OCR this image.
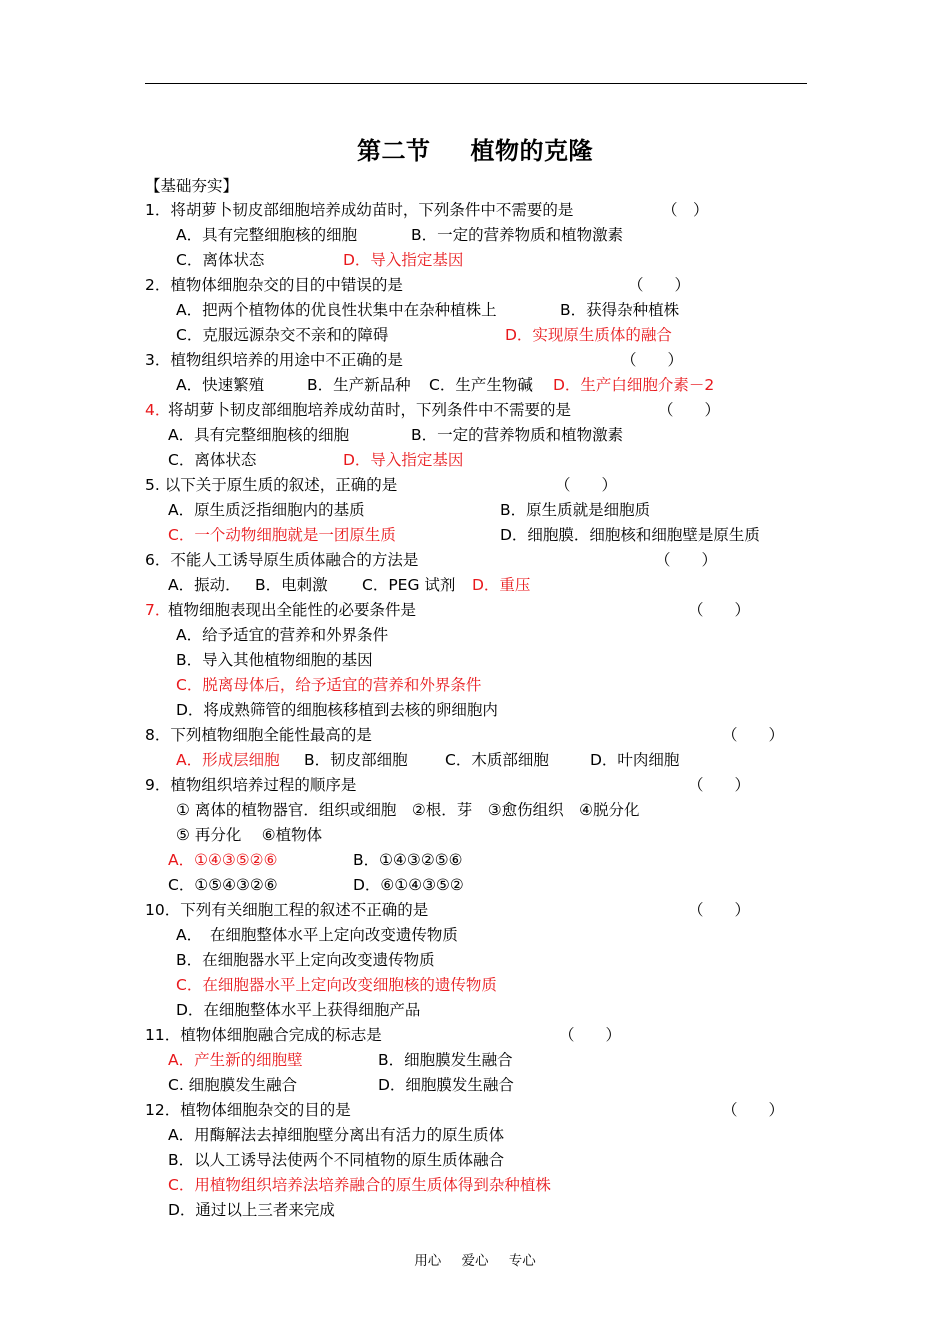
第二节 植物的克隆
【基础夯实】
1．将胡萝卜韧皮部细胞培养成幼苗时，下列条件中不需要的是	（　）
A．具有完整细胞核的细胞	B．一定的营养物质和植物激素
C．离体状态	D．导入指定基因
2．植物体细胞杂交的目的中错误的是	（　　）
A．把两个植物体的优良性状集中在杂种植株上	B．获得杂种植株
C．克服远源杂交不亲和的障碍	D．实现原生质体的融合
3．植物组织培养的用途中不正确的是	（　　）
A．快速繁殖	B．生产新品种 C．生产生物碱 D．生产白细胞介素－2
4．
将胡萝卜韧皮部细胞培养成幼苗时，下列条件中不需要的是	（　　）
A．具有完整细胞核的细胞	B．一定的营养物质和植物激素
C．离体状态	D．导入指定基因
5. 以下关于原生质的叙述，正确的是	（　　）
A．原生质泛指细胞内的基质	B．原生质就是细胞质
C．一个动物细胞就是一团原生质	D．细胞膜．细胞核和细胞壁是原生质
6．不能人工诱导原生质体融合的方法是	（　　）
A．振动． B．电刺激 C．PEG 试剂 D．重压
7．
植物细胞表现出全能性的必要条件是	（　　）
A．给予适宜的营养和外界条件
B．导入其他植物细胞的基因
C．脱离母体后，给予适宜的营养和外界条件
D．将成熟筛管的细胞核移植到去核的卵细胞内
8．下列植物细胞全能性最高的是	（　　）
A．形成层细胞 B．韧皮部细胞 C．木质部细胞	D．叶肉细胞
9．植物组织培养过程的顺序是	（　　）
① 离体的植物器官．组织或细胞　②根．芽　③愈伤组织　④脱分化
⑤ 再分化　 ⑥植物体
A．①④③⑤②⑥	B．①④③②⑤⑥
C．①⑤④③②⑥	D．⑥①④③⑤②
10．下列有关细胞工程的叙述不正确的是	（　　）
A．　在细胞整体水平上定向改变遗传物质
B．在细胞器水平上定向改变遗传物质
C．在细胞器水平上定向改变细胞核的遗传物质
D．在细胞整体水平上获得细胞产品
11．植物体细胞融合完成的标志是	（　　）
A．产生新的细胞壁	B．细胞膜发生融合
C. 细胞膜发生融合	D．细胞膜发生融合
12．植物体细胞杂交的目的是	（　　）
A．用酶解法去掉细胞壁分离出有活力的原生质体
B．以人工诱导法使两个不同植物的原生质体融合
C．用植物组织培养法培养融合的原生质体得到杂种植株
D．通过以上三者来完成
用心 爱心 专心
